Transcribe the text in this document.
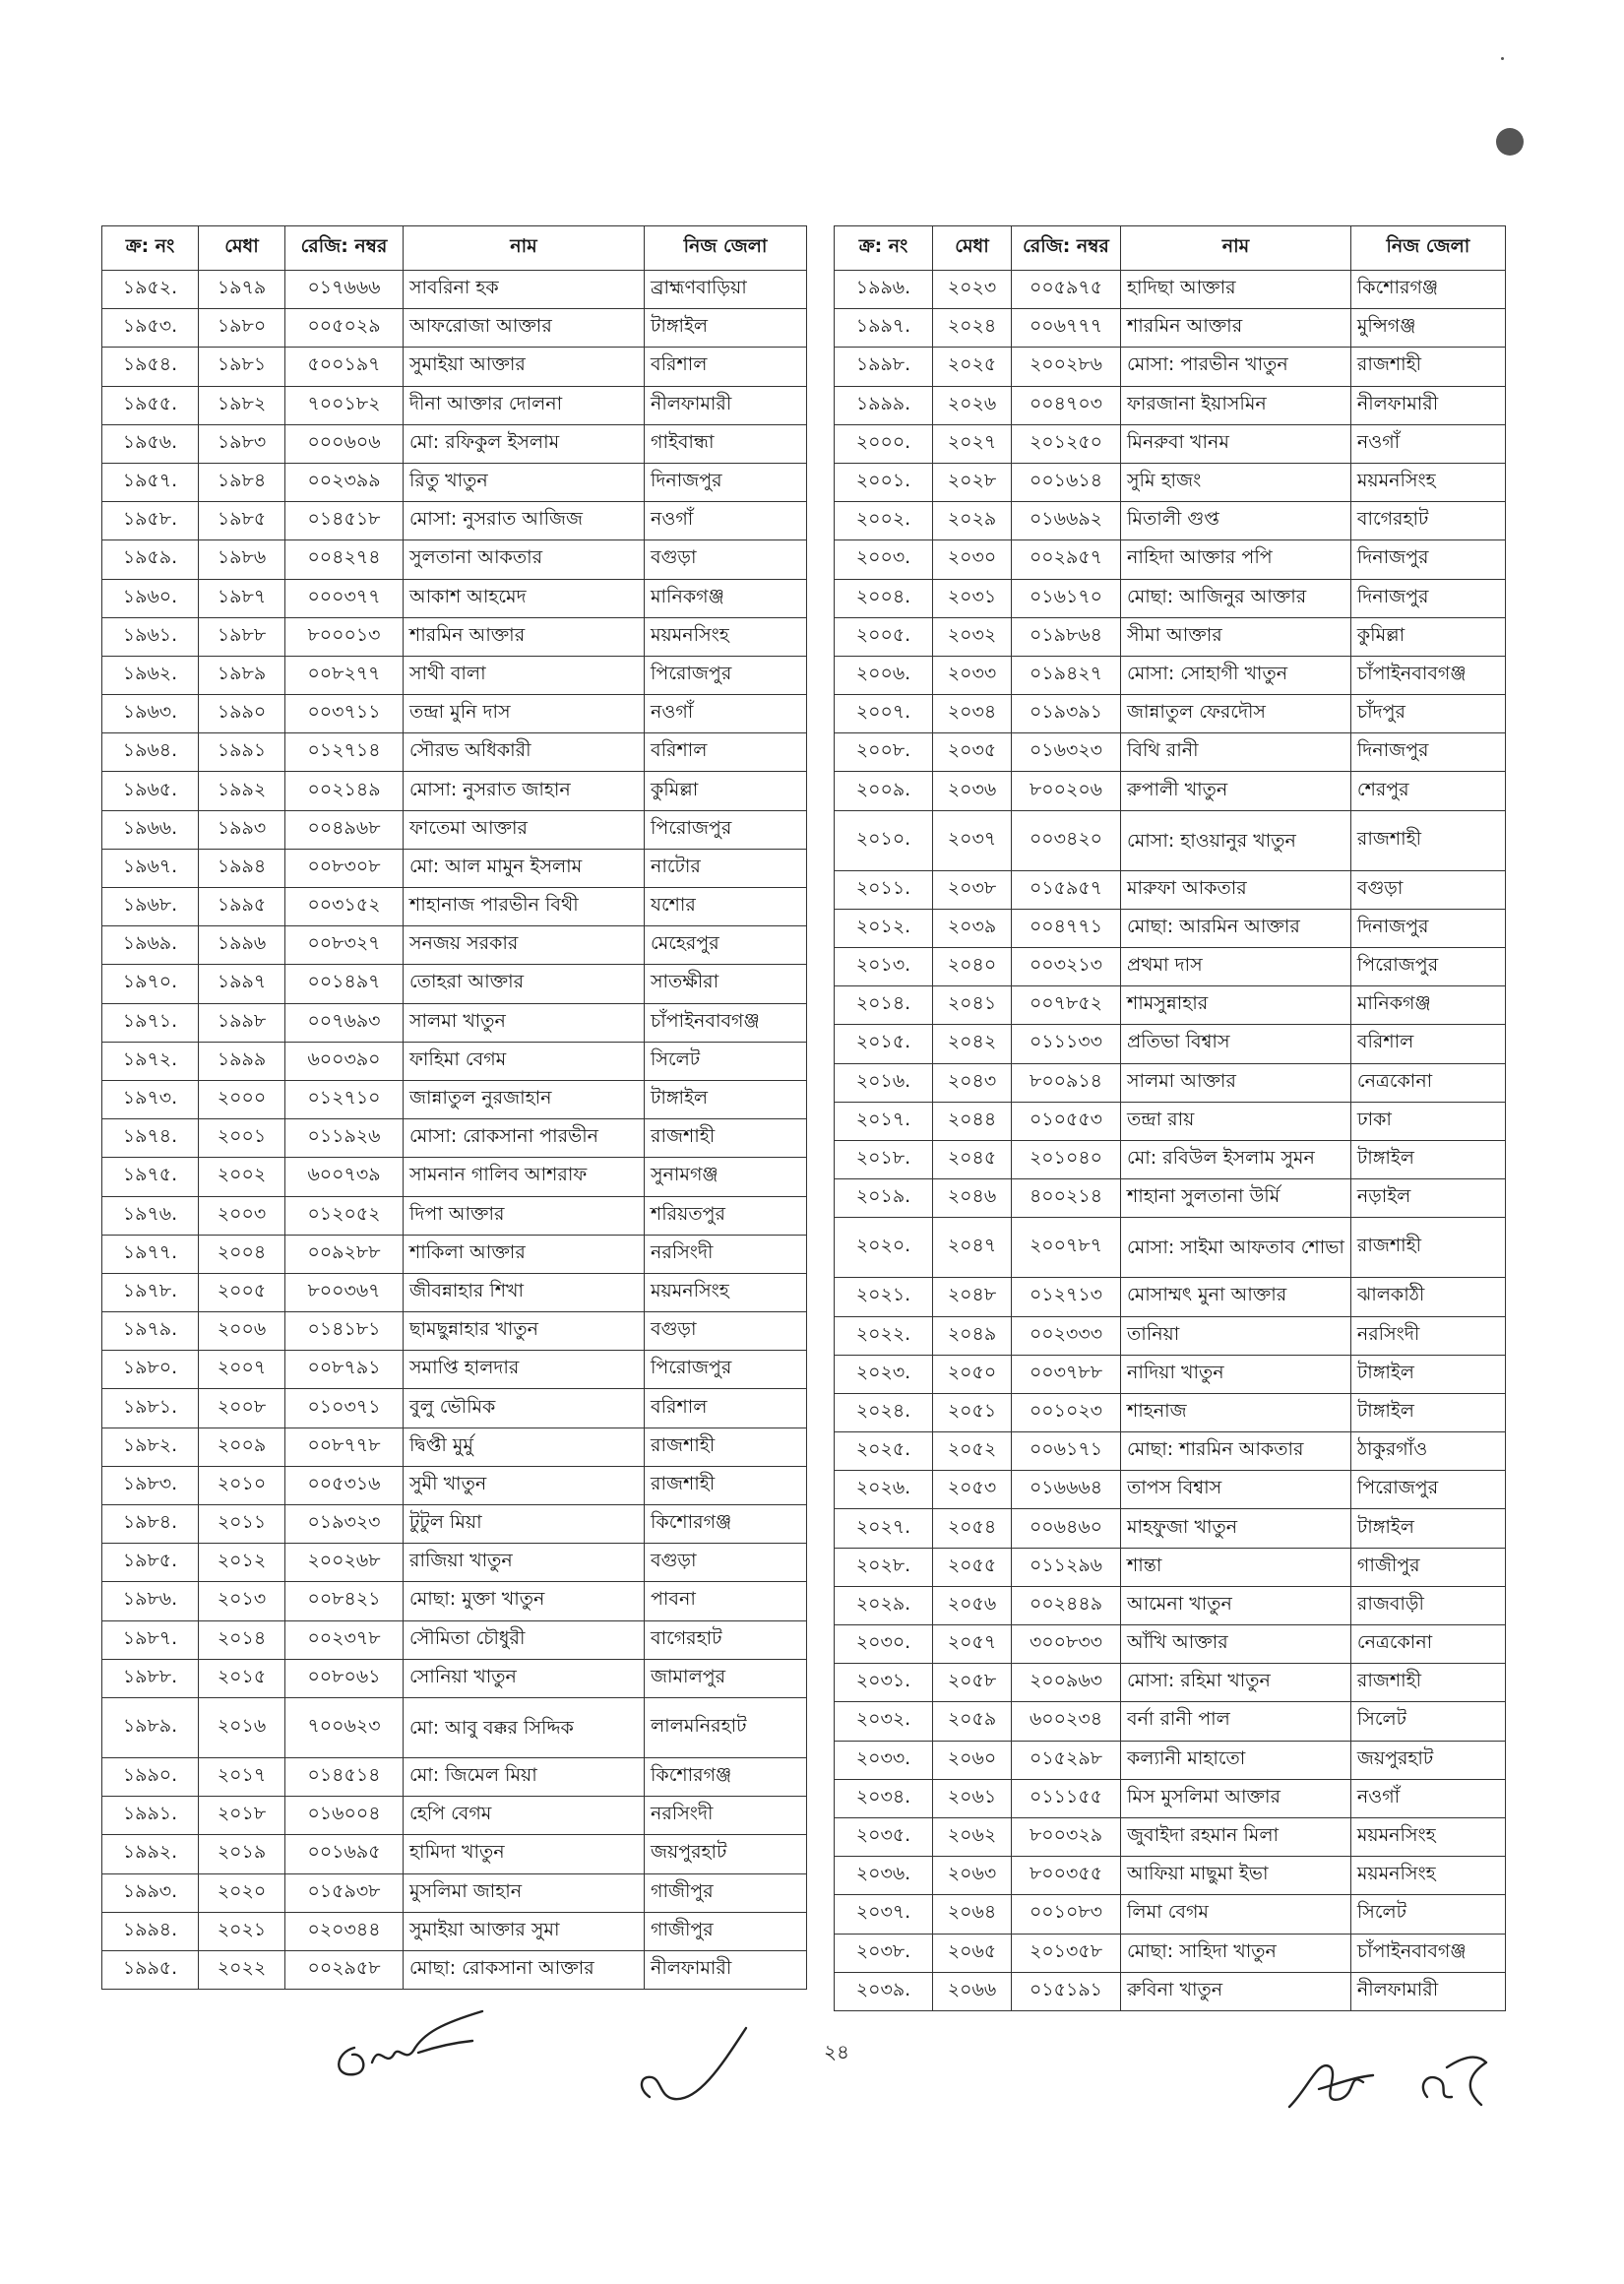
ক্র: নং	মেধা	রেজি: নম্বর	নাম	নিজ জেলা
১৯৫২.	১৯৭৯	০১৭৬৬৬	সাবরিনা হক	ব্রাহ্মণবাড়িয়া
১৯৫৩.	১৯৮০	০০৫০২৯	আফরোজা আক্তার	টাঙ্গাইল
১৯৫৪.	১৯৮১	৫০০১৯৭	সুমাইয়া আক্তার	বরিশাল
১৯৫৫.	১৯৮২	৭০০১৮২	দীনা আক্তার দোলনা	নীলফামারী
১৯৫৬.	১৯৮৩	০০০৬০৬	মো: রফিকুল ইসলাম	গাইবান্ধা
১৯৫৭.	১৯৮৪	০০২৩৯৯	রিতু খাতুন	দিনাজপুর
১৯৫৮.	১৯৮৫	০১৪৫১৮	মোসা: নুসরাত আজিজ	নওগাঁ
১৯৫৯.	১৯৮৬	০০৪২৭৪	সুলতানা আকতার	বগুড়া
১৯৬০.	১৯৮৭	০০০৩৭৭	আকাশ আহমেদ	মানিকগঞ্জ
১৯৬১.	১৯৮৮	৮০০০১৩	শারমিন আক্তার	ময়মনসিংহ
১৯৬২.	১৯৮৯	০০৮২৭৭	সাথী বালা	পিরোজপুর
১৯৬৩.	১৯৯০	০০৩৭১১	তন্দ্রা মুনি দাস	নওগাঁ
১৯৬৪.	১৯৯১	০১২৭১৪	সৌরভ অধিকারী	বরিশাল
১৯৬৫.	১৯৯২	০০২১৪৯	মোসা: নুসরাত জাহান	কুমিল্লা
১৯৬৬.	১৯৯৩	০০৪৯৬৮	ফাতেমা আক্তার	পিরোজপুর
১৯৬৭.	১৯৯৪	০০৮৩০৮	মো: আল মামুন ইসলাম	নাটোর
১৯৬৮.	১৯৯৫	০০৩১৫২	শাহানাজ পারভীন বিথী	যশোর
১৯৬৯.	১৯৯৬	০০৮৩২৭	সনজয় সরকার	মেহেরপুর
১৯৭০.	১৯৯৭	০০১৪৯৭	তোহরা আক্তার	সাতক্ষীরা
১৯৭১.	১৯৯৮	০০৭৬৯৩	সালমা খাতুন	চাঁপাইনবাবগঞ্জ
১৯৭২.	১৯৯৯	৬০০৩৯০	ফাহিমা বেগম	সিলেট
১৯৭৩.	২০০০	০১২৭১০	জান্নাতুল নুরজাহান	টাঙ্গাইল
১৯৭৪.	২০০১	০১১৯২৬	মোসা: রোকসানা পারভীন	রাজশাহী
১৯৭৫.	২০০২	৬০০৭৩৯	সামনান গালিব আশরাফ	সুনামগঞ্জ
১৯৭৬.	২০০৩	০১২০৫২	দিপা আক্তার	শরিয়তপুর
১৯৭৭.	২০০৪	০০৯২৮৮	শাকিলা আক্তার	নরসিংদী
১৯৭৮.	২০০৫	৮০০৩৬৭	জীবন্নাহার শিখা	ময়মনসিংহ
১৯৭৯.	২০০৬	০১৪১৮১	ছামছুন্নাহার খাতুন	বগুড়া
১৯৮০.	২০০৭	০০৮৭৯১	সমাপ্তি হালদার	পিরোজপুর
১৯৮১.	২০০৮	০১০৩৭১	বুলু ভৌমিক	বরিশাল
১৯৮২.	২০০৯	০০৮৭৭৮	দ্বিপ্তী মুর্মু	রাজশাহী
১৯৮৩.	২০১০	০০৫৩১৬	সুমী খাতুন	রাজশাহী
১৯৮৪.	২০১১	০১৯৩২৩	টুটুল মিয়া	কিশোরগঞ্জ
১৯৮৫.	২০১২	২০০২৬৮	রাজিয়া খাতুন	বগুড়া
১৯৮৬.	২০১৩	০০৮৪২১	মোছা: মুক্তা খাতুন	পাবনা
১৯৮৭.	২০১৪	০০২৩৭৮	সৌমিতা চৌধুরী	বাগেরহাট
১৯৮৮.	২০১৫	০০৮০৬১	সোনিয়া খাতুন	জামালপুর
১৯৮৯.	২০১৬	৭০০৬২৩	মো: আবু বক্কর সিদ্দিক	লালমনিরহাট
১৯৯০.	২০১৭	০১৪৫১৪	মো: জিমেল মিয়া	কিশোরগঞ্জ
১৯৯১.	২০১৮	০১৬০০৪	হেপি বেগম	নরসিংদী
১৯৯২.	২০১৯	০০১৬৯৫	হামিদা খাতুন	জয়পুরহাট
১৯৯৩.	২০২০	০১৫৯৩৮	মুসলিমা জাহান	গাজীপুর
১৯৯৪.	২০২১	০২০৩৪৪	সুমাইয়া আক্তার সুমা	গাজীপুর
১৯৯৫.	২০২২	০০২৯৫৮	মোছা: রোকসানা আক্তার	নীলফামারী
ক্র: নং	মেধা	রেজি: নম্বর	নাম	নিজ জেলা
১৯৯৬.	২০২৩	০০৫৯৭৫	হাদিছা আক্তার	কিশোরগঞ্জ
১৯৯৭.	২০২৪	০০৬৭৭৭	শারমিন আক্তার	মুন্সিগঞ্জ
১৯৯৮.	২০২৫	২০০২৮৬	মোসা: পারভীন খাতুন	রাজশাহী
১৯৯৯.	২০২৬	০০৪৭০৩	ফারজানা ইয়াসমিন	নীলফামারী
২০০০.	২০২৭	২০১২৫০	মিনরুবা খানম	নওগাঁ
২০০১.	২০২৮	০০১৬১৪	সুমি হাজং	ময়মনসিংহ
২০০২.	২০২৯	০১৬৬৯২	মিতালী গুপ্ত	বাগেরহাট
২০০৩.	২০৩০	০০২৯৫৭	নাহিদা আক্তার পপি	দিনাজপুর
২০০৪.	২০৩১	০১৬১৭০	মোছা: আজিনুর আক্তার	দিনাজপুর
২০০৫.	২০৩২	০১৯৮৬৪	সীমা আক্তার	কুমিল্লা
২০০৬.	২০৩৩	০১৯৪২৭	মোসা: সোহাগী খাতুন	চাঁপাইনবাবগঞ্জ
২০০৭.	২০৩৪	০১৯৩৯১	জান্নাতুল ফেরদৌস	চাঁদপুর
২০০৮.	২০৩৫	০১৬৩২৩	বিথি রানী	দিনাজপুর
২০০৯.	২০৩৬	৮০০২০৬	রুপালী খাতুন	শেরপুর
২০১০.	২০৩৭	০০৩৪২০	মোসা: হাওয়ানুর খাতুন	রাজশাহী
২০১১.	২০৩৮	০১৫৯৫৭	মারুফা আকতার	বগুড়া
২০১২.	২০৩৯	০০৪৭৭১	মোছা: আরমিন আক্তার	দিনাজপুর
২০১৩.	২০৪০	০০৩২১৩	প্রথমা দাস	পিরোজপুর
২০১৪.	২০৪১	০০৭৮৫২	শামসুন্নাহার	মানিকগঞ্জ
২০১৫.	২০৪২	০১১১৩৩	প্রতিভা বিশ্বাস	বরিশাল
২০১৬.	২০৪৩	৮০০৯১৪	সালমা আক্তার	নেত্রকোনা
২০১৭.	২০৪৪	০১০৫৫৩	তন্দ্রা রায়	ঢাকা
২০১৮.	২০৪৫	২০১০৪০	মো: রবিউল ইসলাম সুমন	টাঙ্গাইল
২০১৯.	২০৪৬	৪০০২১৪	শাহানা সুলতানা উর্মি	নড়াইল
২০২০.	২০৪৭	২০০৭৮৭	মোসা: সাইমা আফতাব শোভা	রাজশাহী
২০২১.	২০৪৮	০১২৭১৩	মোসাম্মৎ মুনা আক্তার	ঝালকাঠী
২০২২.	২০৪৯	০০২৩৩৩	তানিয়া	নরসিংদী
২০২৩.	২০৫০	০০৩৭৮৮	নাদিয়া খাতুন	টাঙ্গাইল
২০২৪.	২০৫১	০০১০২৩	শাহনাজ	টাঙ্গাইল
২০২৫.	২০৫২	০০৬১৭১	মোছা: শারমিন আকতার	ঠাকুরগাঁও
২০২৬.	২০৫৩	০১৬৬৬৪	তাপস বিশ্বাস	পিরোজপুর
২০২৭.	২০৫৪	০০৬৪৬০	মাহফুজা খাতুন	টাঙ্গাইল
২০২৮.	২০৫৫	০১১২৯৬	শান্তা	গাজীপুর
২০২৯.	২০৫৬	০০২৪৪৯	আমেনা খাতুন	রাজবাড়ী
২০৩০.	২০৫৭	৩০০৮৩৩	আঁখি আক্তার	নেত্রকোনা
২০৩১.	২০৫৮	২০০৯৬৩	মোসা: রহিমা খাতুন	রাজশাহী
২০৩২.	২০৫৯	৬০০২৩৪	বর্না রানী পাল	সিলেট
২০৩৩.	২০৬০	০১৫২৯৮	কল্যানী মাহাতো	জয়পুরহাট
২০৩৪.	২০৬১	০১১১৫৫	মিস মুসলিমা আক্তার	নওগাঁ
২০৩৫.	২০৬২	৮০০৩২৯	জুবাইদা রহমান মিলা	ময়মনসিংহ
২০৩৬.	২০৬৩	৮০০৩৫৫	আফিয়া মাছুমা ইভা	ময়মনসিংহ
২০৩৭.	২০৬৪	০০১০৮৩	লিমা বেগম	সিলেট
২০৩৮.	২০৬৫	২০১৩৫৮	মোছা: সাহিদা খাতুন	চাঁপাইনবাবগঞ্জ
২০৩৯.	২০৬৬	০১৫১৯১	রুবিনা খাতুন	নীলফামারী
২৪
